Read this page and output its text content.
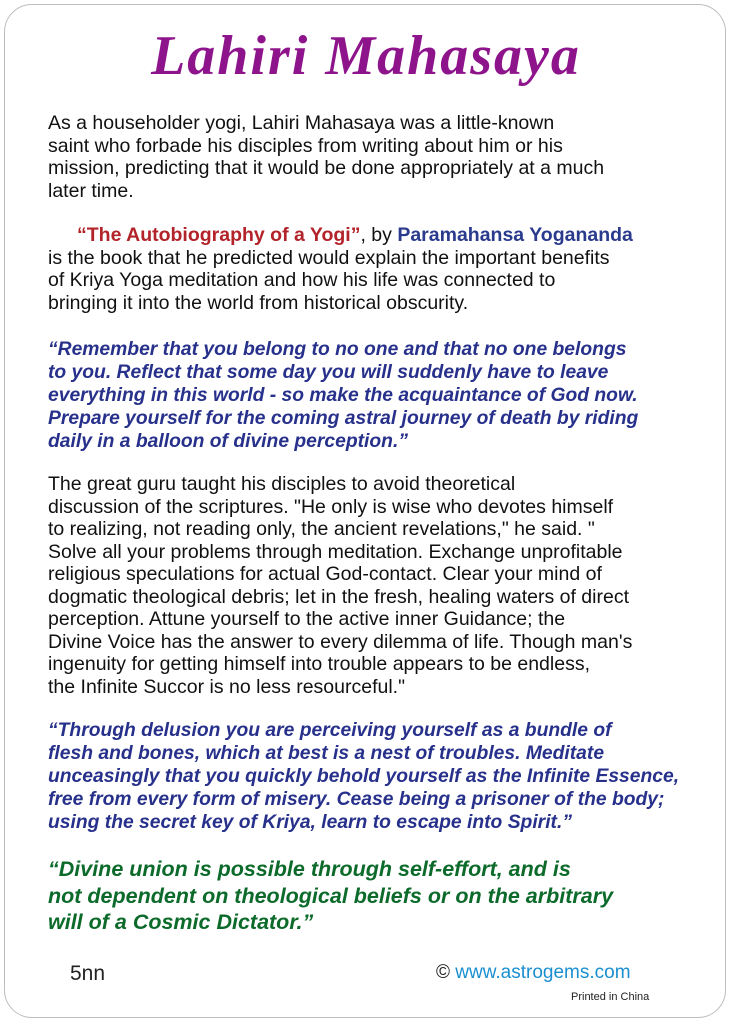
Lahiri Mahasaya

As a householder yogi, Lahiri Mahasaya was a little-known
saint who forbade his disciples from writing about him or his
mission, predicting that it would be done appropriately at a much
later time.

“The Autobiography of a Yogi”, by Paramahansa Yogananda
is the book that he predicted would explain the important benefits
of Kriya Yoga meditation and how his life was connected to
bringing it into the world from historical obscurity.

“Remember that you belong to no one and that no one belongs
to you. Reflect that some day you will suddenly have to leave
everything in this world - so make the acquaintance of God now.
Prepare yourself for the coming astral journey of death by riding
daily in a balloon of divine perception.”

The great guru taught his disciples to avoid theoretical
discussion of the scriptures. "He only is wise who devotes himself
to realizing, not reading only, the ancient revelations," he said. "
Solve all your problems through meditation. Exchange unprofitable
religious speculations for actual God-contact. Clear your mind of
dogmatic theological debris; let in the fresh, healing waters of direct
perception. Attune yourself to the active inner Guidance; the
Divine Voice has the answer to every dilemma of life. Though man's
ingenuity for getting himself into trouble appears to be endless,
the Infinite Succor is no less resourceful."

“Through delusion you are perceiving yourself as a bundle of
flesh and bones, which at best is a nest of troubles. Meditate
unceasingly that you quickly behold yourself as the Infinite Essence,
free from every form of misery. Cease being a prisoner of the body;
using the secret key of Kriya, learn to escape into Spirit.”

“Divine union is possible through self-effort, and is
not dependent on theological beliefs or on the arbitrary
will of a Cosmic Dictator.”

5nn	© www.astrogems.com

Printed in China
